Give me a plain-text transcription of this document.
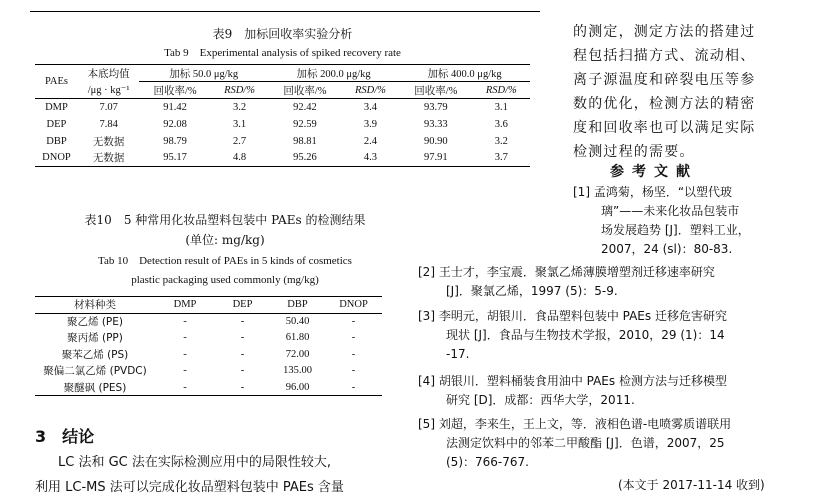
表9　加标回收率实验分析
Tab 9　Experimental analysis of spiked recovery rate
PAEs	本底均值	加标 50.0 μg/kg		加标 200.0 μg/kg		加标 400.0 μg/kg	
	/μg · kg⁻¹	回收率/%	RSD/%	回收率/%	RSD/%	回收率/%	RSD/%
DMP	7.07	91.42	3.2	92.42	3.4	93.79	3.1
DEP	7.84	92.08	3.1	92.59	3.9	93.33	3.6
DBP	无数据	98.79	2.7	98.81	2.4	90.90	3.2
DNOP	无数据	95.17	4.8	95.26	4.3	97.91	3.7
表10　5 种常用化妆品塑料包装中 PAEs 的检测结果
(单位: mg/kg)
Tab 10　Detection result of PAEs in 5 kinds of cosmetics
plastic packaging used commonly (mg/kg)
材料种类	DMP	DEP	DBP	DNOP
聚乙烯 (PE)	-	-	50.40	-
聚丙烯 (PP)	-	-	61.80	-
聚苯乙烯 (PS)	-	-	72.00	-
聚偏二氯乙烯 (PVDC)	-	-	135.00	-
聚醚砜 (PES)	-	-	96.00	-
3　结论
LC 法和 GC 法在实际检测应用中的局限性较大,
利用 LC-MS 法可以完成化妆品塑料包装中 PAEs 含量
的测定，测定方法的搭建过
程包括扫描方式、流动相、
离子源温度和碎裂电压等参
数的优化，检测方法的精密
度和回收率也可以满足实际
检测过程的需要。
参考文献
[1] 孟鸿菊，杨坚．“以塑代玻
璃”——未来化妆品包装市
场发展趋势 [J]．塑料工业，
2007，24 (sl)：80-83.
[2] 王士才，李宝震．聚氯乙烯薄膜增塑剂迁移速率研究
[J]．聚氯乙烯，1997 (5)：5-9.
[3] 李明元，胡银川．食品塑料包装中 PAEs 迁移危害研究
现状 [J]．食品与生物技术学报，2010，29 (1)：14
-17.
[4] 胡银川．塑料桶装食用油中 PAEs 检测方法与迁移模型
研究 [D]．成都：西华大学，2011.
[5] 刘超，李来生，王上文，等．液相色谱-电喷雾质谱联用
法测定饮料中的邻苯二甲酸酯 [J]．色谱，2007，25
(5)：766-767.
(本文于 2017-11-14 收到)
